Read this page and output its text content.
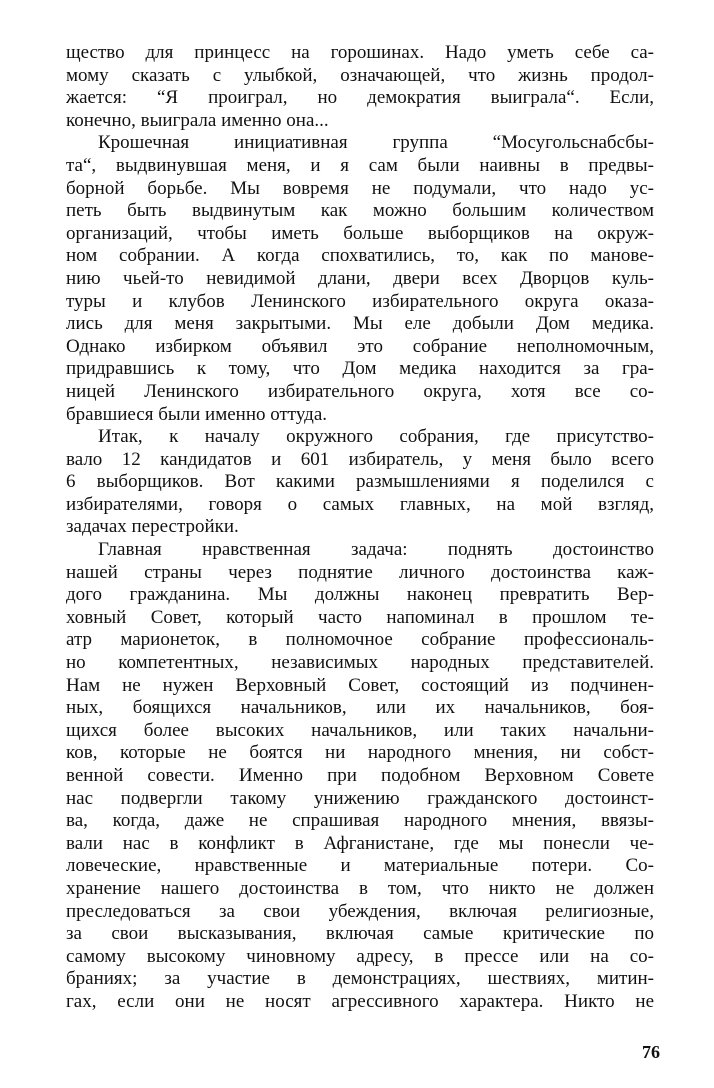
щество для принцесс на горошинах. Надо уметь себе са-
мому сказать с улыбкой, означающей, что жизнь продол-
жается: “Я проиграл, но демократия выиграла“. Если,
конечно, выиграла именно она...
Крошечная инициативная группа “Мосугольснабсбы-
та“, выдвинувшая меня, и я сам были наивны в предвы-
борной борьбе. Мы вовремя не подумали, что надо ус-
петь быть выдвинутым как можно большим количеством
организаций, чтобы иметь больше выборщиков на окруж-
ном собрании. А когда спохватились, то, как по манове-
нию чьей-то невидимой длани, двери всех Дворцов куль-
туры и клубов Ленинского избирательного округа оказа-
лись для меня закрытыми. Мы еле добыли Дом медика.
Однако избирком объявил это собрание неполномочным,
придравшись к тому, что Дом медика находится за гра-
ницей Ленинского избирательного округа, хотя все со-
бравшиеся были именно оттуда.
Итак, к началу окружного собрания, где присутство-
вало 12 кандидатов и 601 избиратель, у меня было всего
6 выборщиков. Вот какими размышлениями я поделился с
избирателями, говоря о самых главных, на мой взгляд,
задачах перестройки.
Главная нравственная задача: поднять достоинство
нашей страны через поднятие личного достоинства каж-
дого гражданина. Мы должны наконец превратить Вер-
ховный Совет, который часто напоминал в прошлом те-
атр марионеток, в полномочное собрание профессиональ-
но компетентных, независимых народных представителей.
Нам не нужен Верховный Совет, состоящий из подчинен-
ных, боящихся начальников, или их начальников, боя-
щихся более высоких начальников, или таких начальни-
ков, которые не боятся ни народного мнения, ни собст-
венной совести. Именно при подобном Верховном Совете
нас подвергли такому унижению гражданского достоинст-
ва, когда, даже не спрашивая народного мнения, ввязы-
вали нас в конфликт в Афганистане, где мы понесли че-
ловеческие, нравственные и материальные потери. Со-
хранение нашего достоинства в том, что никто не должен
преследоваться за свои убеждения, включая религиозные,
за свои высказывания, включая самые критические по
самому высокому чиновному адресу, в прессе или на со-
браниях; за участие в демонстрациях, шествиях, митин-
гах, если они не носят агрессивного характера. Никто не
76
